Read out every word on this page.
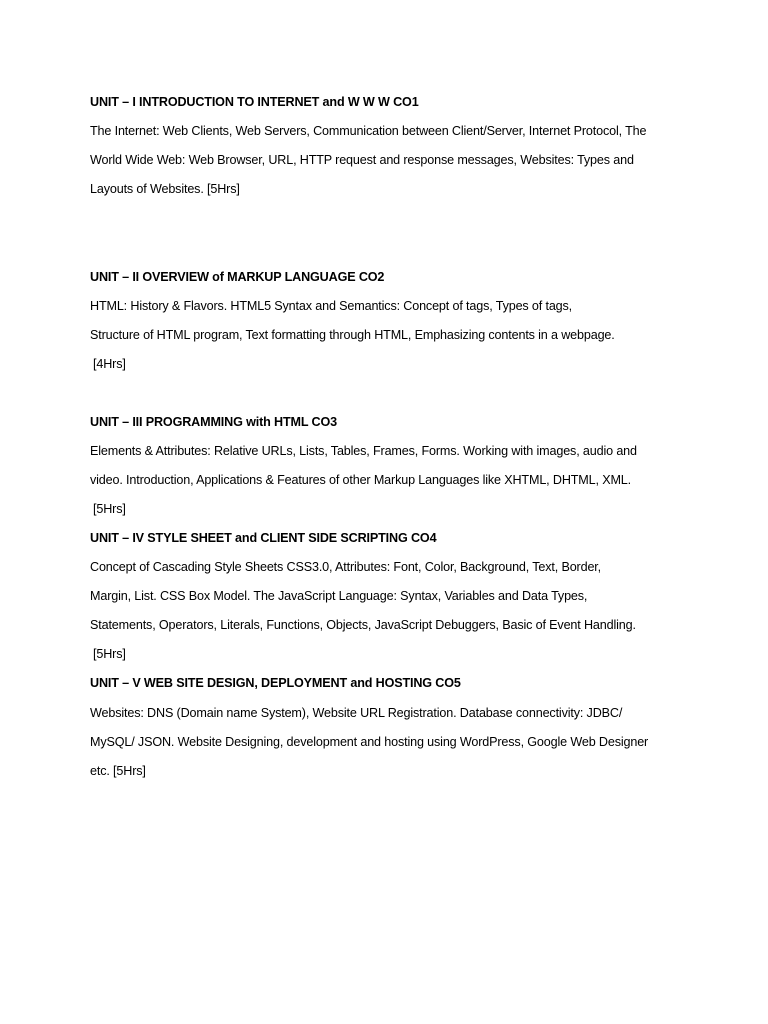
UNIT – I INTRODUCTION TO INTERNET and W W W CO1
The Internet: Web Clients, Web Servers, Communication between Client/Server, Internet Protocol, The
World Wide Web: Web Browser, URL, HTTP request and response messages, Websites: Types and
Layouts of Websites. [5Hrs]
UNIT – II OVERVIEW of MARKUP LANGUAGE CO2
HTML: History & Flavors. HTML5 Syntax and Semantics: Concept of tags, Types of tags,
Structure of HTML program, Text formatting through HTML, Emphasizing contents in a webpage.
[4Hrs]
UNIT – III PROGRAMMING with HTML CO3
Elements & Attributes: Relative URLs, Lists, Tables, Frames, Forms. Working with images, audio and
video. Introduction, Applications & Features of other Markup Languages like XHTML, DHTML, XML.
[5Hrs]
UNIT – IV STYLE SHEET and CLIENT SIDE SCRIPTING CO4
Concept of Cascading Style Sheets CSS3.0, Attributes: Font, Color, Background, Text, Border,
Margin, List. CSS Box Model. The JavaScript Language: Syntax, Variables and Data Types,
Statements, Operators, Literals, Functions, Objects, JavaScript Debuggers, Basic of Event Handling.
[5Hrs]
UNIT – V WEB SITE DESIGN, DEPLOYMENT and HOSTING CO5
Websites: DNS (Domain name System), Website URL Registration. Database connectivity: JDBC/
MySQL/ JSON. Website Designing, development and hosting using WordPress, Google Web Designer
etc. [5Hrs]
